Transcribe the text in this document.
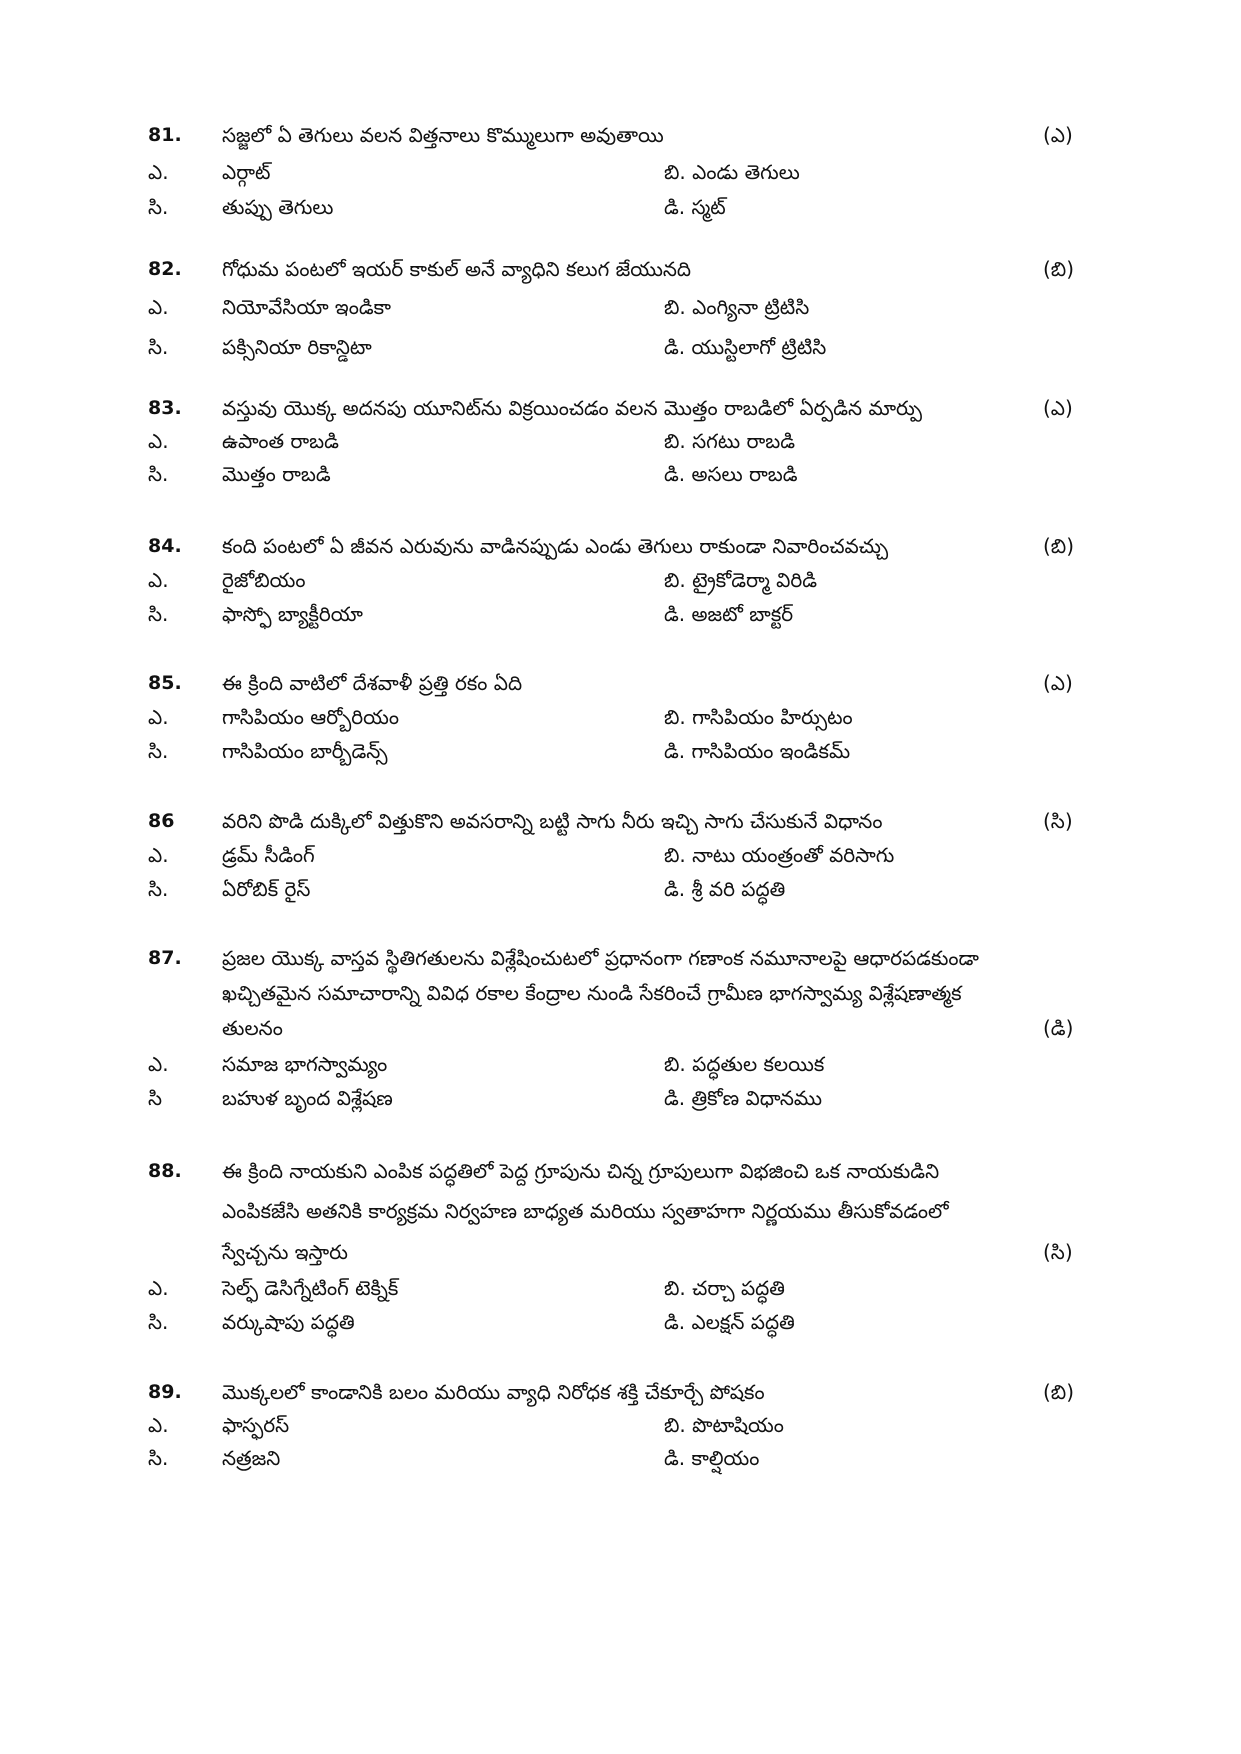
81. సజ్జలో ఏ తెగులు వలన విత్తనాలు కొమ్ములుగా అవుతాయి	(ఎ)
ఎ.	ఎర్గాట్	బి. ఎండు తెగులు
సి.	తుప్పు తెగులు	డి. స్మట్
82. గోధుమ పంటలో ఇయర్ కాకుల్ అనే వ్యాధిని కలుగ జేయునది	(బి)
ఎ.	నియోవేసియా ఇండికా	బి. ఎంగ్యినా ట్రిటిసి
సి.	పక్సినియా రికాన్డిటా	డి. యుస్టిలాగో ట్రిటిసి
83. వస్తువు యొక్క అదనపు యూనిట్‌ను విక్రయించడం వలన మొత్తం రాబడిలో ఏర్పడిన మార్పు	(ఎ)
ఎ.	ఉపాంత రాబడి	బి. సగటు రాబడి
సి.	మొత్తం రాబడి	డి. అసలు రాబడి
84. కంది పంటలో ఏ జీవన ఎరువును వాడినప్పుడు ఎండు తెగులు రాకుండా నివారించవచ్చు	(బి)
ఎ.	రైజోబియం	బి. ట్రైకోడెర్మా విరిడి
సి.	ఫాస్ఫో బ్యాక్టీరియా	డి. అజటో బాక్టర్
85. ఈ క్రింది వాటిలో దేశవాళీ ప్రత్తి రకం ఏది	(ఎ)
ఎ.	గాసిపియం ఆర్బోరియం	బి. గాసిపియం హిర్సుటం
సి.	గాసిపియం బార్బీడెన్స్	డి. గాసిపియం ఇండికమ్
86 వరిని పొడి దుక్కిలో విత్తుకొని అవసరాన్ని బట్టి సాగు నీరు ఇచ్చి సాగు చేసుకునే విధానం	(సి)
ఎ.	డ్రమ్ సీడింగ్	బి. నాటు యంత్రంతో వరిసాగు
సి.	ఏరోబిక్ రైస్	డి. శ్రీ వరి పద్ధతి
87. ప్రజల యొక్క వాస్తవ స్థితిగతులను విశ్లేషించుటలో ప్రధానంగా గణాంక నమూనాలపై ఆధారపడకుండా
ఖచ్చితమైన సమాచారాన్ని వివిధ రకాల కేంద్రాల నుండి సేకరించే గ్రామీణ భాగస్వామ్య విశ్లేషణాత్మక
తులనం	(డి)
ఎ.	సమాజ భాగస్వామ్యం	బి. పద్ధతుల కలయిక
సి	బహుళ బృంద విశ్లేషణ	డి. త్రికోణ విధానము
88. ఈ క్రింది నాయకుని ఎంపిక పద్ధతిలో పెద్ద గ్రూపును చిన్న గ్రూపులుగా విభజించి ఒక నాయకుడిని
ఎంపికజేసి అతనికి కార్యక్రమ నిర్వహణ బాధ్యత మరియు స్వతాహగా నిర్ణయము తీసుకోవడంలో
స్వేచ్చను ఇస్తారు	(సి)
ఎ.	సెల్ఫ్ డెసిగ్నేటింగ్ టెక్నిక్	బి. చర్చా పద్ధతి
సి.	వర్కుషాపు పద్ధతి	డి. ఎలక్షన్ పద్ధతి
89. మొక్కలలో కాండానికి బలం మరియు వ్యాధి నిరోధక శక్తి చేకూర్చే పోషకం	(బి)
ఎ.	ఫాస్ఫరస్	బి. పొటాషియం
సి.	నత్రజని	డి. కాల్షియం
